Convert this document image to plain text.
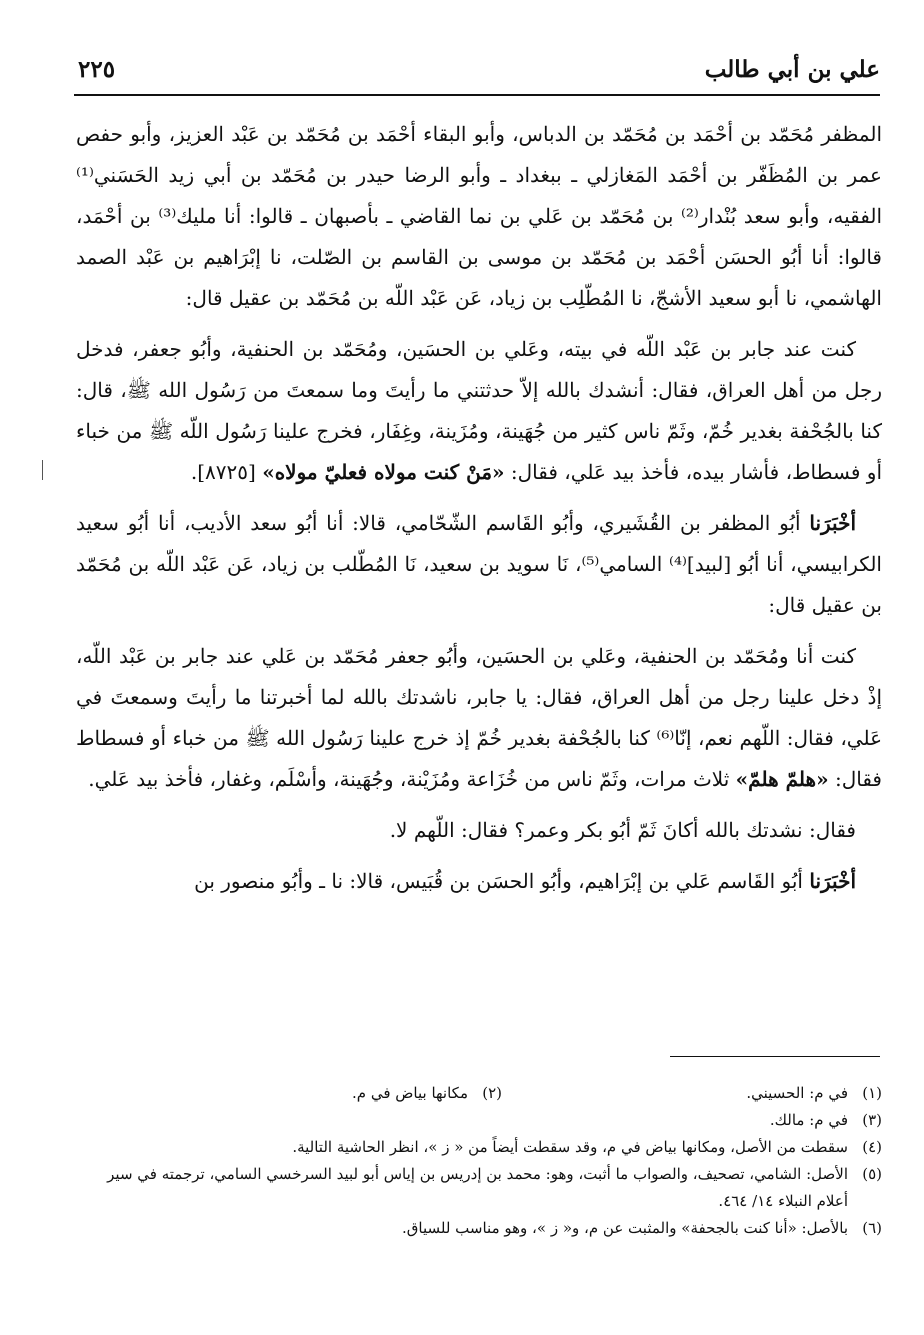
علي بن أبي طالب
٢٢٥

المظفر مُحَمّد بن أحْمَد بن مُحَمّد بن الدباس، وأبو البقاء أحْمَد بن مُحَمّد بن عَبْد العزيز، وأبو حفص عمر بن المُظَفّر بن أحْمَد المَغازلي ـ ببغداد ـ وأبو الرضا حيدر بن مُحَمّد بن أبي زيد الحَسَني⁽¹⁾ الفقيه، وأبو سعد بُنْدار⁽²⁾ بن مُحَمّد بن عَلي بن نما القاضي ـ بأصبهان ـ قالوا: أنا مليك⁽³⁾ بن أحْمَد، قالوا: أنا أبُو الحسَن أحْمَد بن مُحَمّد بن موسى بن القاسم بن الصّلت، نا إبْرَاهيم بن عَبْد الصمد الهاشمي، نا أبو سعيد الأشجّ، نا المُطّلِب بن زياد، عَن عَبْد اللّه بن مُحَمّد بن عقيل قال:

كنت عند جابر بن عَبْد اللّه في بيته، وعَلي بن الحسَين، ومُحَمّد بن الحنفية، وأبُو جعفر، فدخل رجل من أهل العراق، فقال: أنشدك بالله إلاّ حدثتني ما رأيتَ وما سمعتَ من رَسُول الله ﷺ، قال: كنا بالجُحْفة بغدير خُمّ، وثَمّ ناس كثير من جُهَينة، ومُزَينة، وغِفَار، فخرج علينا رَسُول اللّه ﷺ من خباء أو فسطاط، فأشار بيده، فأخذ بيد عَلي، فقال: «مَنْ كنت مولاه فعليّ مولاه» [٨٧٢٥].

أخْبَرَنا أبُو المظفر بن القُشَيري، وأبُو القَاسم الشّحّامي، قالا: أنا أبُو سعد الأديب، أنا أبُو سعيد الكرابيسي، أنا أبُو [لبيد]⁽⁴⁾ السامي⁽⁵⁾، نَا سويد بن سعيد، نَا المُطّلب بن زياد، عَن عَبْد اللّه بن مُحَمّد بن عقيل قال:

كنت أنا ومُحَمّد بن الحنفية، وعَلي بن الحسَين، وأبُو جعفر مُحَمّد بن عَلي عند جابر بن عَبْد اللّه، إذْ دخل علينا رجل من أهل العراق، فقال: يا جابر، ناشدتك بالله لما أخبرتنا ما رأيتَ وسمعتَ في عَلي، فقال: اللّهم نعم، إنّا⁽⁶⁾ كنا بالجُحْفة بغدير خُمّ إذ خرج علينا رَسُول الله ﷺ من خباء أو فسطاط فقال: «هلمّ هلمّ» ثلاث مرات، وثَمّ ناس من خُزَاعة ومُزَيْنة، وجُهَينة، وأسْلَم، وغفار، فأخذ بيد عَلي.

فقال: نشدتك بالله أكانَ ثَمّ أبُو بكر وعمر؟ فقال: اللّهم لا.

أخْبَرَنا أبُو القَاسم عَلي بن إبْرَاهيم، وأبُو الحسَن بن قُبَيس، قالا: نا ـ وأبُو منصور بن

(١)
في م: الحسيني.
(٢)
مكانها بياض في م.
(٣)
في م: مالك.
(٤)
سقطت من الأصل، ومكانها بياض في م، وقد سقطت أيضاً من « ز »، انظر الحاشية التالية.
(٥)
الأصل: الشامي، تصحيف، والصواب ما أثبت، وهو: محمد بن إدريس بن إياس أبو لبيد السرخسي السامي، ترجمته في سير أعلام النبلاء ١٤/ ٤٦٤.
(٦)
بالأصل: «أنا كنت بالجحفة» والمثبت عن م، و« ز »، وهو مناسب للسياق.
